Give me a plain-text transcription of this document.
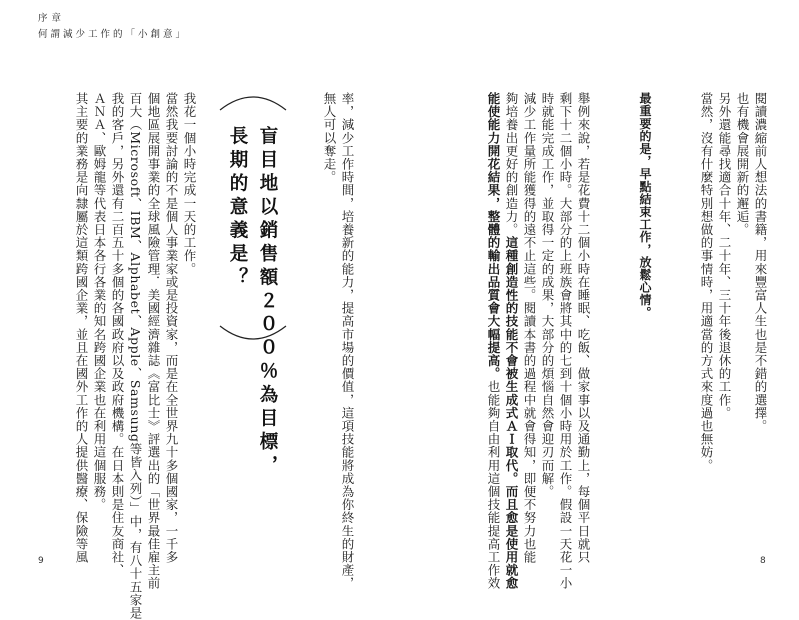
序章
何謂減少工作的「小創意」
閱讀濃縮前人想法的書籍，用來豐富人生也是不錯的選擇。
也有機會展開新的邂逅。
另外還能尋找適合十年、二十年、三十年後退休的工作。
當然，沒有什麼特別想做的事情時，用適當的方式來度過也無妨。
最重要的是，早點結束工作，放鬆心情。
舉例來說，若是花費十二個小時在睡眠、吃飯、做家事以及通勤上，每個平日就只
剩下十二個小時。大部分的上班族會將其中的七到十個小時用於工作。假設一天花一小
時就能完成工作，並取得一定的成果，大部分的煩惱自然會迎刃而解。
減少工作量所能獲得的遠不止這些。閱讀本書的過程中就會得知，即便不努力也能
夠培養出更好的創造力。這種創造性的技能不會被生成式ＡＩ取代。而且愈是使用就愈
能使能力開花結果，整體的輸出品質會大幅提高。也能夠自由利用這個技能提高工作效
率，減少工作時間，培養新的能力，提高市場的價值，這項技能將成為你終生的財產，
無人可以奪走。
盲目地以銷售額２００％為目標，
長期的意義是？
我花一個小時完成一天的工作。
當然我要討論的不是個人事業家或是投資家，而是在全世界九十多個國家，一千多
個地區展開事業的全球風險管理．美國經濟雜誌《富比士》評選出的「世界最佳雇主前
百大（Microsoft、IBM、Alphabet、Apple、Samsung等皆入列）」中，有八十五家是
我的客戶，另外還有二百五十多個的各國政府以及政府機構。在日本則是住友商社、
ＡＮＡ、歐姆龍等代表日本各行各業的知名跨國企業也在利用這個服務。
其主要的業務是向隸屬於這類跨國企業，並且在國外工作的人提供醫療、保險等風
9	8
